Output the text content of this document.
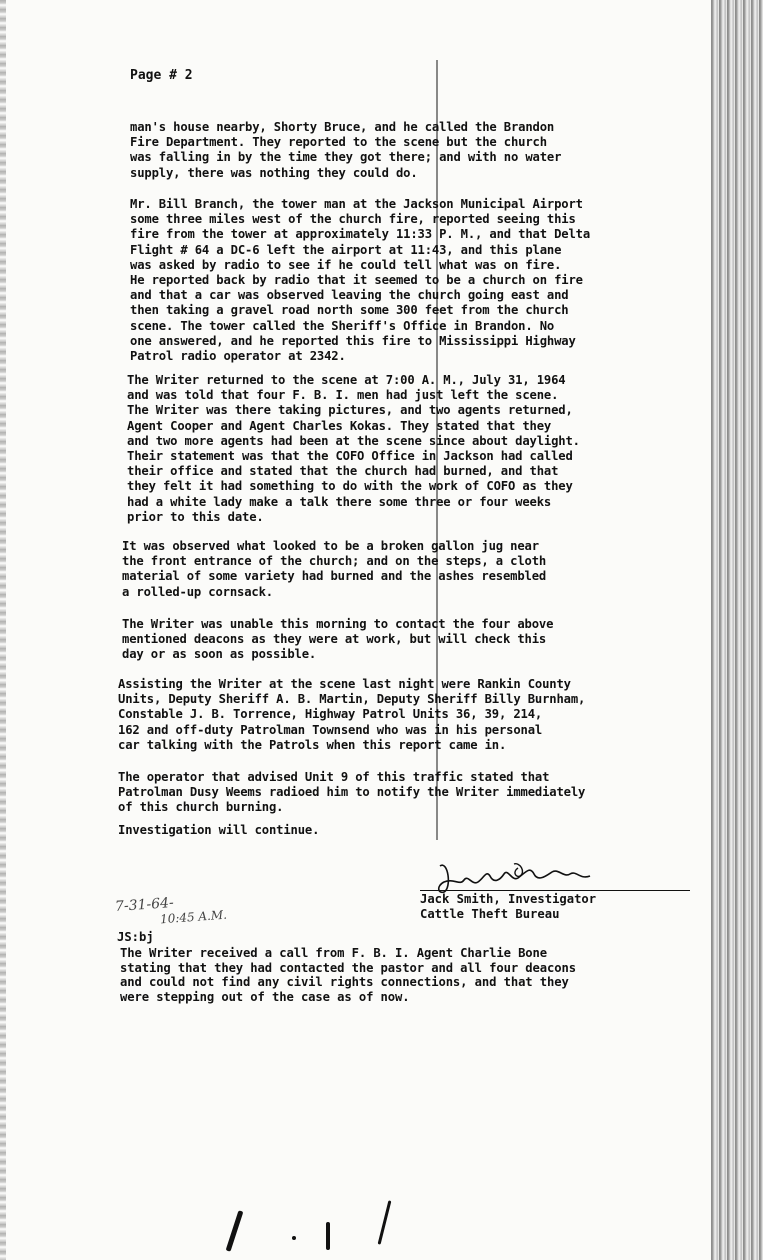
Page # 2
man's house nearby, Shorty Bruce, and he called the Brandon
Fire Department. They reported to the scene but the church
was falling in by the time they got there; and with no water
supply, there was nothing they could do.
Mr. Bill Branch, the tower man at the Jackson Municipal Airport
some three miles west of the church fire, reported seeing this
fire from the tower at approximately 11:33 P. M., and that Delta
Flight # 64 a DC-6 left the airport at 11:43, and this plane
was asked by radio to see if he could tell what was on fire.
He reported back by radio that it seemed to be a church on fire
and that a car was observed leaving the church going east and
then taking a gravel road north some 300 feet from the church
scene. The tower called the Sheriff's Office in Brandon. No
one answered, and he reported this fire to Mississippi Highway
Patrol radio operator at 2342.
The Writer returned to the scene at 7:00 A. M., July 31, 1964
and was told that four F. B. I. men had just left the scene.
The Writer was there taking pictures, and two agents returned,
Agent Cooper and Agent Charles Kokas. They stated that they
and two more agents had been at the scene since about daylight.
Their statement was that the COFO Office in Jackson had called
their office and stated that the church had burned, and that
they felt it had something to do with the work of COFO as they
had a white lady make a talk there some three or four weeks
prior to this date.
It was observed what looked to be a broken gallon jug near
the front entrance of the church; and on the steps, a cloth
material of some variety had burned and the ashes resembled
a rolled-up cornsack.
The Writer was unable this morning to contact the four above
mentioned deacons as they were at work, but will check this
day or as soon as possible.
Assisting the Writer at the scene last night were Rankin County
Units, Deputy Sheriff A. B. Martin, Deputy Sheriff Billy Burnham,
Constable J. B. Torrence, Highway Patrol Units 36, 39, 214,
162 and off-duty Patrolman Townsend who was in his personal
car talking with the Patrols when this report came in.
The operator that advised Unit 9 of this traffic stated that
Patrolman Dusy Weems radioed him to notify the Writer immediately
of this church burning.
Investigation will continue.
Jack Smith, Investigator
Cattle Theft Bureau
7-31-64-
10:45 A.M.
JS:bj
The Writer received a call from F. B. I. Agent Charlie Bone
stating that they had contacted the pastor and all four deacons
and could not find any civil rights connections, and that they
were stepping out of the case as of now.
